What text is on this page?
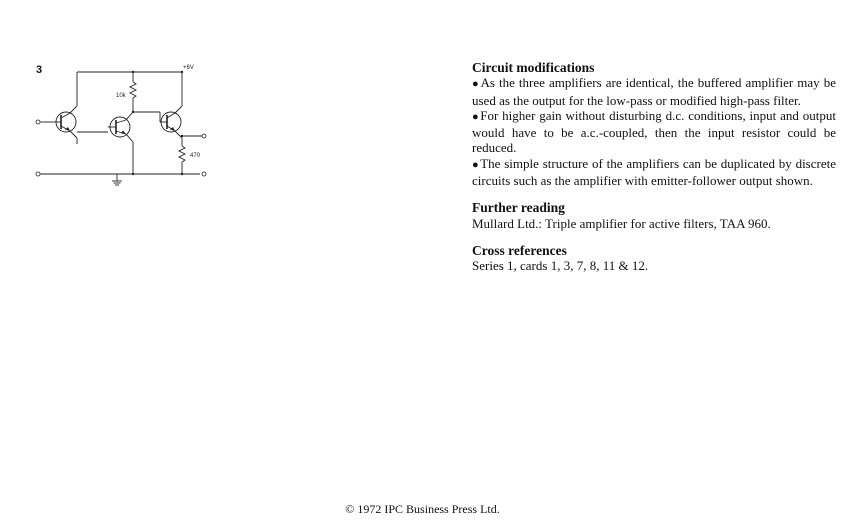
3	+6V
10k
470

Circuit modifications

●As the three amplifiers are identical, the buffered amplifier may be used as the output for the low-pass or modified high-pass filter.

●For higher gain without disturbing d.c. conditions, input and output would have to be a.c.-coupled, then the input resistor could be reduced.

●The simple structure of the amplifiers can be duplicated by discrete circuits such as the amplifier with emitter-follower output shown.

Further reading

Mullard Ltd.: Triple amplifier for active filters, TAA 960.

Cross references

Series 1, cards 1, 3, 7, 8, 11 & 12.

© 1972 IPC Business Press Ltd.
